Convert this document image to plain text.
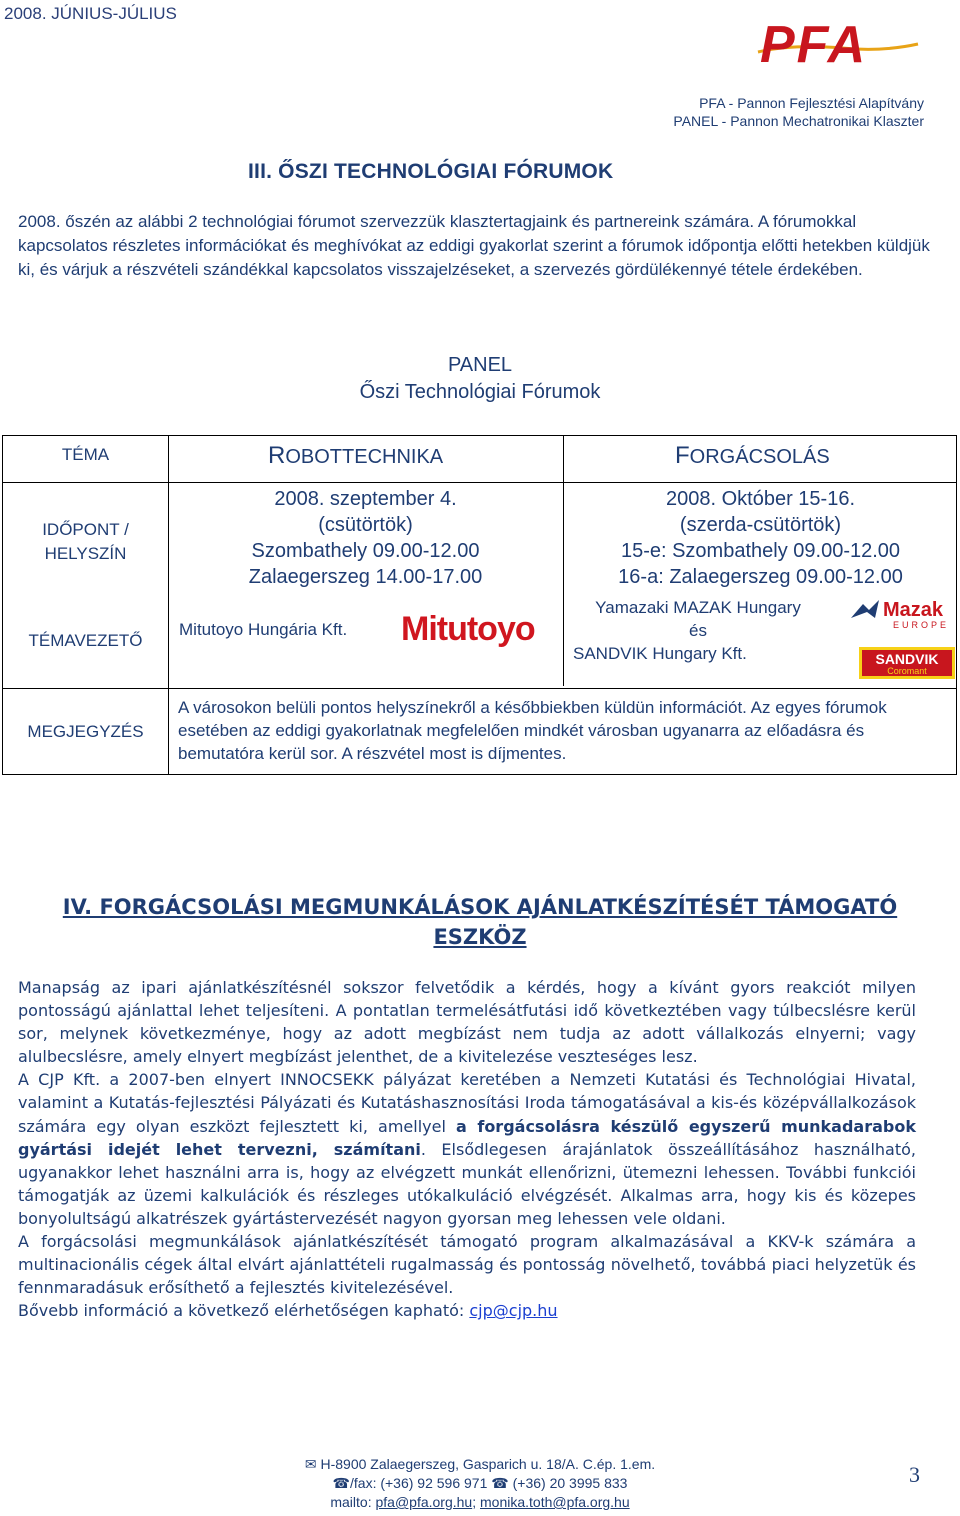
2008. JÚNIUS-JÚLIUS
PFA
PFA - Pannon Fejlesztési Alapítvány
PANEL - Pannon Mechatronikai Klaszter
III. ŐSZI TECHNOLÓGIAI FÓRUMOK
2008. őszén az alábbi 2 technológiai fórumot szervezzük klasztertagjaink és partnereink számára. A fórumokkal kapcsolatos részletes információkat és meghívókat az eddigi gyakorlat szerint a fórumok időpontja előtti hetekben küldjük ki, és várjuk a részvételi szándékkal kapcsolatos visszajelzéseket, a szervezés gördülékennyé tétele érdekében.
PANEL
Őszi Technológiai Fórumok
TÉMA
IDŐPONT /
HELYSZÍN
TÉMAVEZETŐ
MEGJEGYZÉS
ROBOTTECHNIKA
2008. szeptember 4.
(csütörtök)
Szombathely 09.00-12.00
Zalaegerszeg 14.00-17.00
Mitutoyo Hungária Kft. Mitutoyo
FORGÁCSOLÁS
2008. Október 15-16.
(szerda-csütörtök)
15-e: Szombathely 09.00-12.00
16-a: Zalaegerszeg 09.00-12.00
Yamazaki MAZAK Hungary
és
SANDVIK Hungary Kft.
Mazak
EUROPE
SANDVIK
Coromant
A városokon belüli pontos helyszínekről a későbbiekben küldün információt. Az egyes fórumok esetében az eddigi gyakorlatnak megfelelően mindkét városban ugyanarra az előadásra és bemutatóra kerül sor. A részvétel most is díjmentes.
IV. FORGÁCSOLÁSI MEGMUNKÁLÁSOK AJÁNLATKÉSZÍTÉSÉT TÁMOGATÓ
ESZKÖZ

Manapság az ipari ajánlatkészítésnél sokszor felvetődik a kérdés, hogy a kívánt gyors reakciót milyen pontosságú ajánlattal lehet teljesíteni. A pontatlan termelésátfutási idő következtében vagy túlbecslésre kerül sor, melynek következménye, hogy az adott megbízást nem tudja az adott vállalkozás elnyerni; vagy alulbecslésre, amely elnyert megbízást jelenthet, de a kivitelezése veszteséges lesz.

A CJP Kft. a 2007-ben elnyert INNOCSEKK pályázat keretében a Nemzeti Kutatási és Technológiai Hivatal, valamint a Kutatás-fejlesztési Pályázati és Kutatáshasznosítási Iroda támogatásával a kis-és középvállalkozások számára egy olyan eszközt fejlesztett ki, amellyel a forgácsolásra készülő egyszerű munkadarabok gyártási idejét lehet tervezni, számítani. Elsődlegesen árajánlatok összeállításához használható, ugyanakkor lehet használni arra is, hogy az elvégzett munkát ellenőrizni, ütemezni lehessen. További funkciói támogatják az üzemi kalkulációk és részleges utókalkuláció elvégzését. Alkalmas arra, hogy kis és közepes bonyolultságú alkatrészek gyártástervezését nagyon gyorsan meg lehessen vele oldani.

A forgácsolási megmunkálások ajánlatkészítését támogató program alkalmazásával a KKV-k számára a multinacionális cégek által elvárt ajánlattételi rugalmasság és pontosság növelhető, továbbá piaci helyzetük és fennmaradásuk erősíthető a fejlesztés kivitelezésével.

Bővebb információ a következő elérhetőségen kapható: cjp@cjp.hu

✉ H-8900 Zalaegerszeg, Gasparich u. 18/A. C.ép. 1.em.
☎/fax: (+36) 92 596 971 ☎ (+36) 20 3995 833
mailto: pfa@pfa.org.hu; monika.toth@pfa.org.hu
3
